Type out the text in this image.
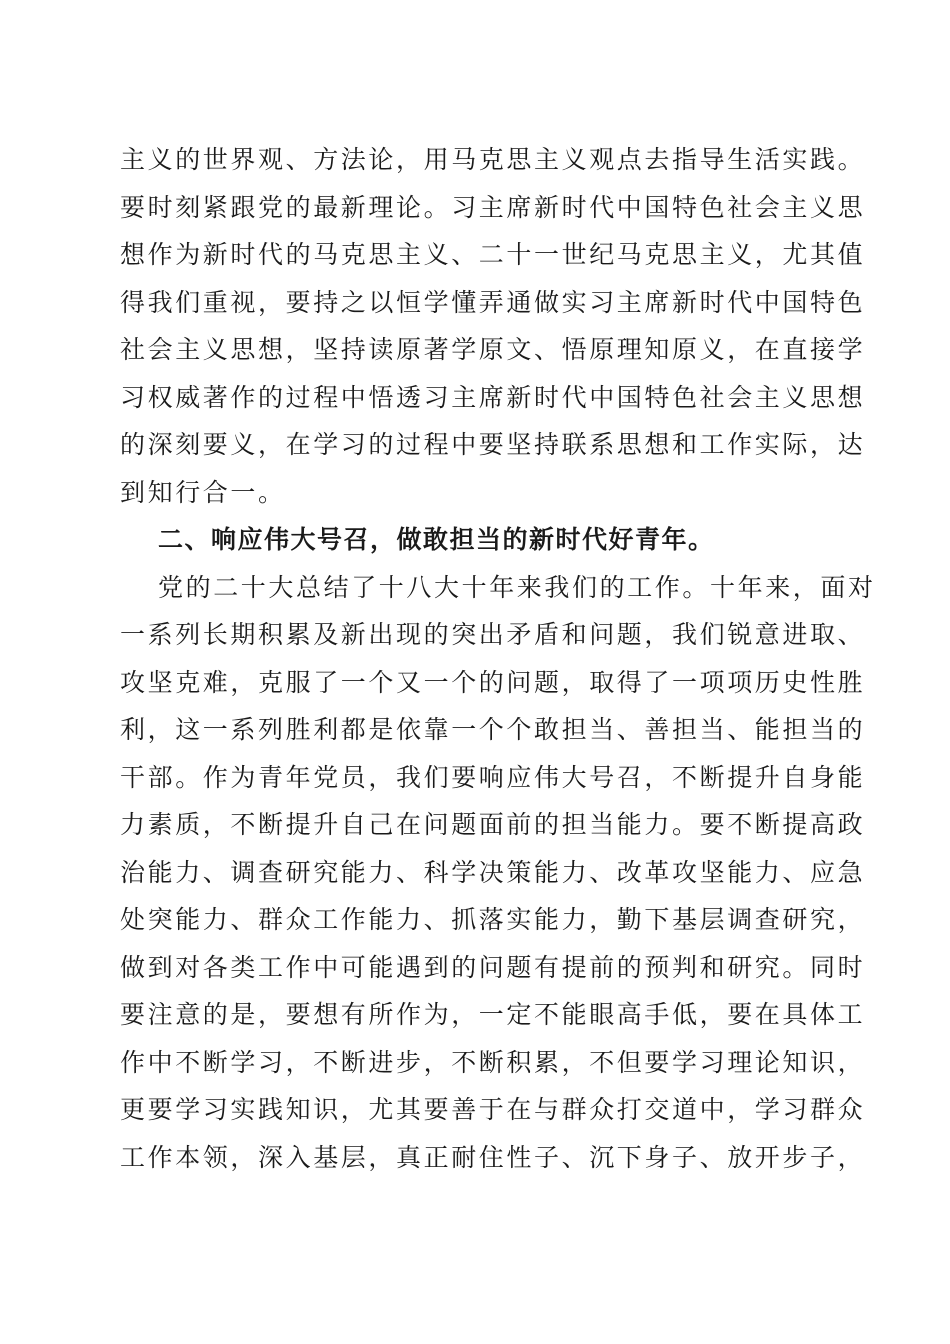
主义的世界观、方法论，用马克思主义观点去指导生活实践。
要时刻紧跟党的最新理论。习主席新时代中国特色社会主义思
想作为新时代的马克思主义、二十一世纪马克思主义，尤其值
得我们重视，要持之以恒学懂弄通做实习主席新时代中国特色
社会主义思想，坚持读原著学原文、悟原理知原义，在直接学
习权威著作的过程中悟透习主席新时代中国特色社会主义思想
的深刻要义，在学习的过程中要坚持联系思想和工作实际，达
到知行合一。
二、响应伟大号召，做敢担当的新时代好青年。
党的二十大总结了十八大十年来我们的工作。十年来，面对
一系列长期积累及新出现的突出矛盾和问题，我们锐意进取、
攻坚克难，克服了一个又一个的问题，取得了一项项历史性胜
利，这一系列胜利都是依靠一个个敢担当、善担当、能担当的
干部。作为青年党员，我们要响应伟大号召，不断提升自身能
力素质，不断提升自己在问题面前的担当能力。要不断提高政
治能力、调查研究能力、科学决策能力、改革攻坚能力、应急
处突能力、群众工作能力、抓落实能力，勤下基层调查研究，
做到对各类工作中可能遇到的问题有提前的预判和研究。同时
要注意的是，要想有所作为，一定不能眼高手低，要在具体工
作中不断学习，不断进步，不断积累，不但要学习理论知识，
更要学习实践知识，尤其要善于在与群众打交道中，学习群众
工作本领，深入基层，真正耐住性子、沉下身子、放开步子，
